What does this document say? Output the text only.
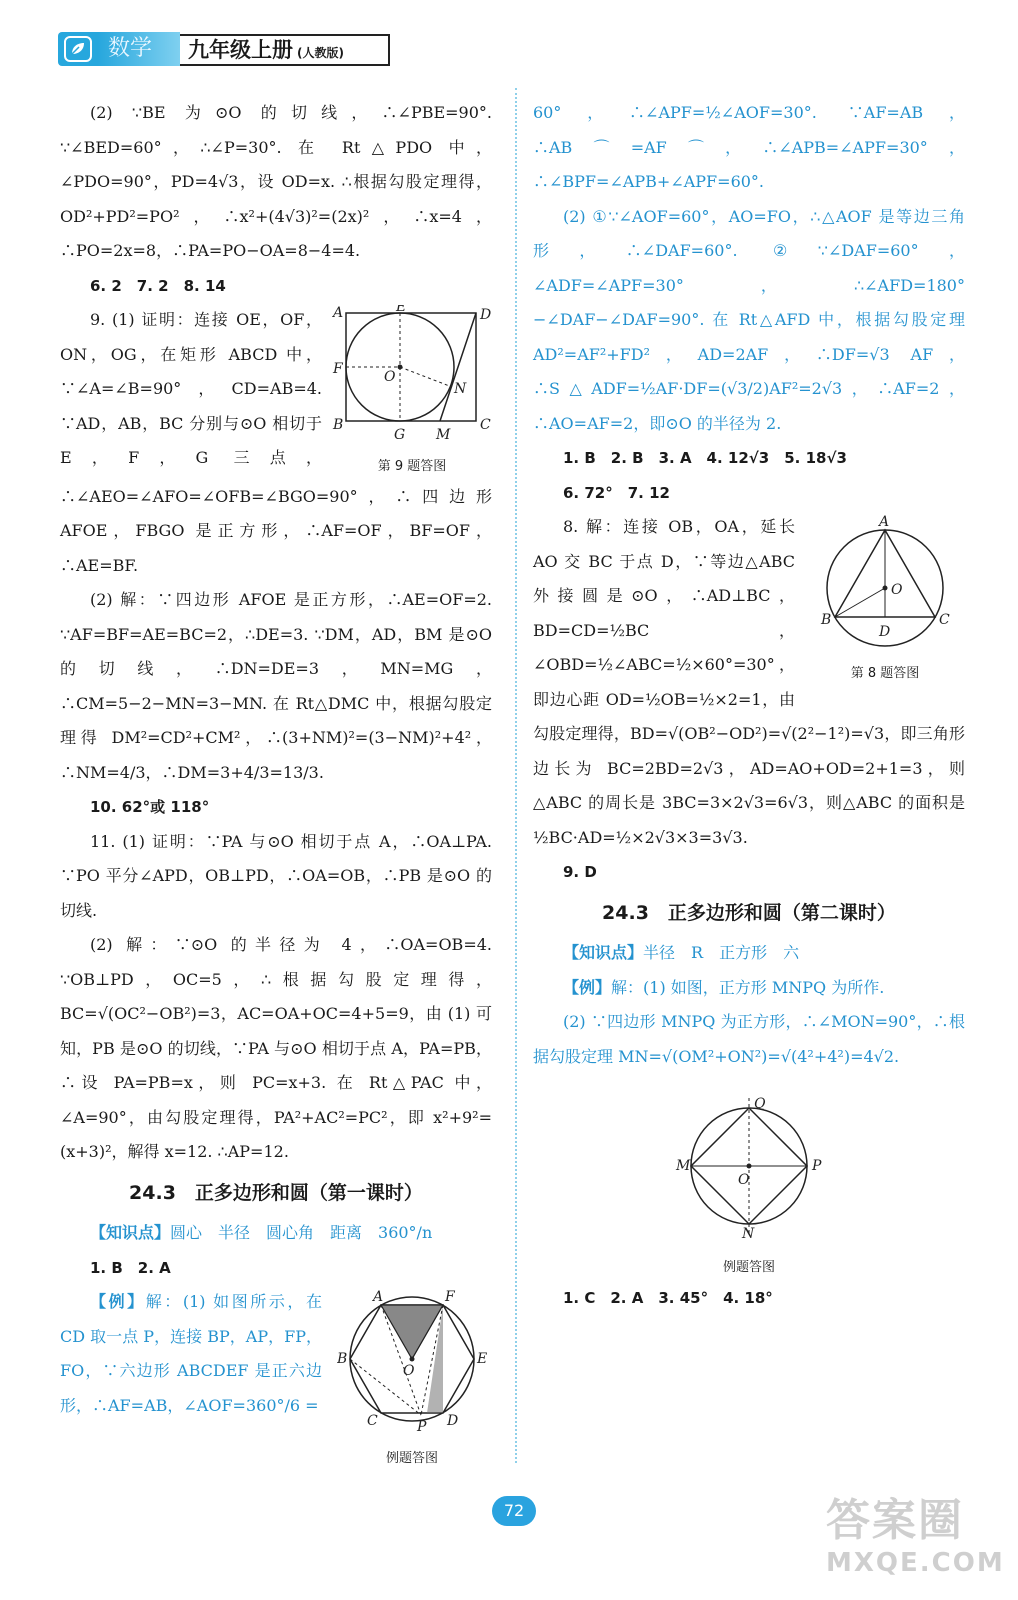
数学	九年级上册 (人教版)

(2) ∵BE 为⊙O 的切线，∴∠PBE=90°. ∵∠BED=60°，∴∠P=30°. 在 Rt△PDO 中，∠PDO=90°，PD=4√3，设 OD=x. ∴根据勾股定理得，OD²+PD²=PO²，∴x²+(4√3)²=(2x)²，∴x=4，∴PO=2x=8，∴PA=PO−OA=8−4=4.

6. 2　7. 2　8. 14

A	E	D
F	O
N
B
G M
C
第 9 题答图

9. (1) 证明：连接 OE，OF，ON，OG，在矩形 ABCD 中，∵∠A=∠B=90°，CD=AB=4. ∵AD，AB，BC 分别与⊙O 相切于 E，F，G 三点，∴∠AEO=∠AFO=∠OFB=∠BGO=90°，∴四边形 AFOE，FBGO 是正方形，∴AF=OF，BF=OF，∴AE=BF.

(2) 解：∵四边形 AFOE 是正方形，∴AE=OF=2. ∵AF=BF=AE=BC=2，∴DE=3. ∵DM，AD，BM 是⊙O 的切线，∴DN=DE=3，MN=MG，∴CM=5−2−MN=3−MN. 在 Rt△DMC 中，根据勾股定理得 DM²=CD²+CM²，∴(3+NM)²=(3−NM)²+4²，∴NM=4/3，∴DM=3+4/3=13/3.

10. 62°或 118°

11. (1) 证明：∵PA 与⊙O 相切于点 A，∴OA⊥PA. ∵PO 平分∠APD，OB⊥PD，∴OA=OB，∴PB 是⊙O 的切线.

(2) 解：∵⊙O 的半径为 4，∴OA=OB=4. ∵OB⊥PD，OC=5，∴根据勾股定理得，BC=√(OC²−OB²)=3，AC=OA+OC=4+5=9，由 (1) 可知，PB 是⊙O 的切线，∵PA 与⊙O 相切于点 A，PA=PB，∴设 PA=PB=x，则 PC=x+3. 在 Rt△PAC 中，∠A=90°，由勾股定理得，PA²+AC²=PC²，即 x²+9²=(x+3)²，解得 x=12. ∴AP=12.

24.3　正多边形和圆（第一课时）

【知识点】圆心　半径　圆心角　距离　360°/n

1. B　2. A

A	F
B	E
O
C	P D
例题答图

【例】解：(1) 如图所示，在 CD 取一点 P，连接 BP，AP，FP，FO，∵六边形 ABCDEF 是正六边形，∴AF=AB，∠AOF=360°/6 =

60°，∴∠APF=½∠AOF=30°. ∵AF=AB，∴AB⌒=AF⌒，∴∠APB=∠APF=30°，∴∠BPF=∠APB+∠APF=60°.

(2) ①∵∠AOF=60°，AO=FO，∴△AOF 是等边三角形，∴∠DAF=60°. ②∵∠DAF=60°，∠ADF=∠APF=30°，∴∠AFD=180°−∠DAF−∠DAF=90°. 在 Rt△AFD 中，根据勾股定理 AD²=AF²+FD²，AD=2AF，∴DF=√3 AF，∴S△ADF=½AF·DF=(√3/2)AF²=2√3，∴AF=2，∴AO=AF=2，即⊙O 的半径为 2.

1. B　2. B　3. A　4. 12√3　5. 18√3

6. 72°　7. 12

A
B	C
O
D
第 8 题答图

8. 解：连接 OB，OA，延长 AO 交 BC 于点 D，∵等边△ABC 外接圆是⊙O，∴AD⊥BC，BD=CD=½BC，∠OBD=½∠ABC=½×60°=30°，即边心距 OD=½OB=½×2=1，由勾股定理得，BD=√(OB²−OD²)=√(2²−1²)=√3，即三角形边长为 BC=2BD=2√3，AD=AO+OD=2+1=3，则△ABC 的周长是 3BC=3×2√3=6√3，则△ABC 的面积是½BC·AD=½×2√3×3=3√3.

9. D

24.3　正多边形和圆（第二课时）

【知识点】半径　R　正方形　六

【例】解：(1) 如图，正方形 MNPQ 为所作.

(2) ∵四边形 MNPQ 为正方形，∴∠MON=90°，∴根据勾股定理 MN=√(OM²+ON²)=√(4²+4²)=4√2.

Q
M	P
O
N
例题答图

1. C　2. A　3. 45°　4. 18°

72	答案圈
MXQE.COM
